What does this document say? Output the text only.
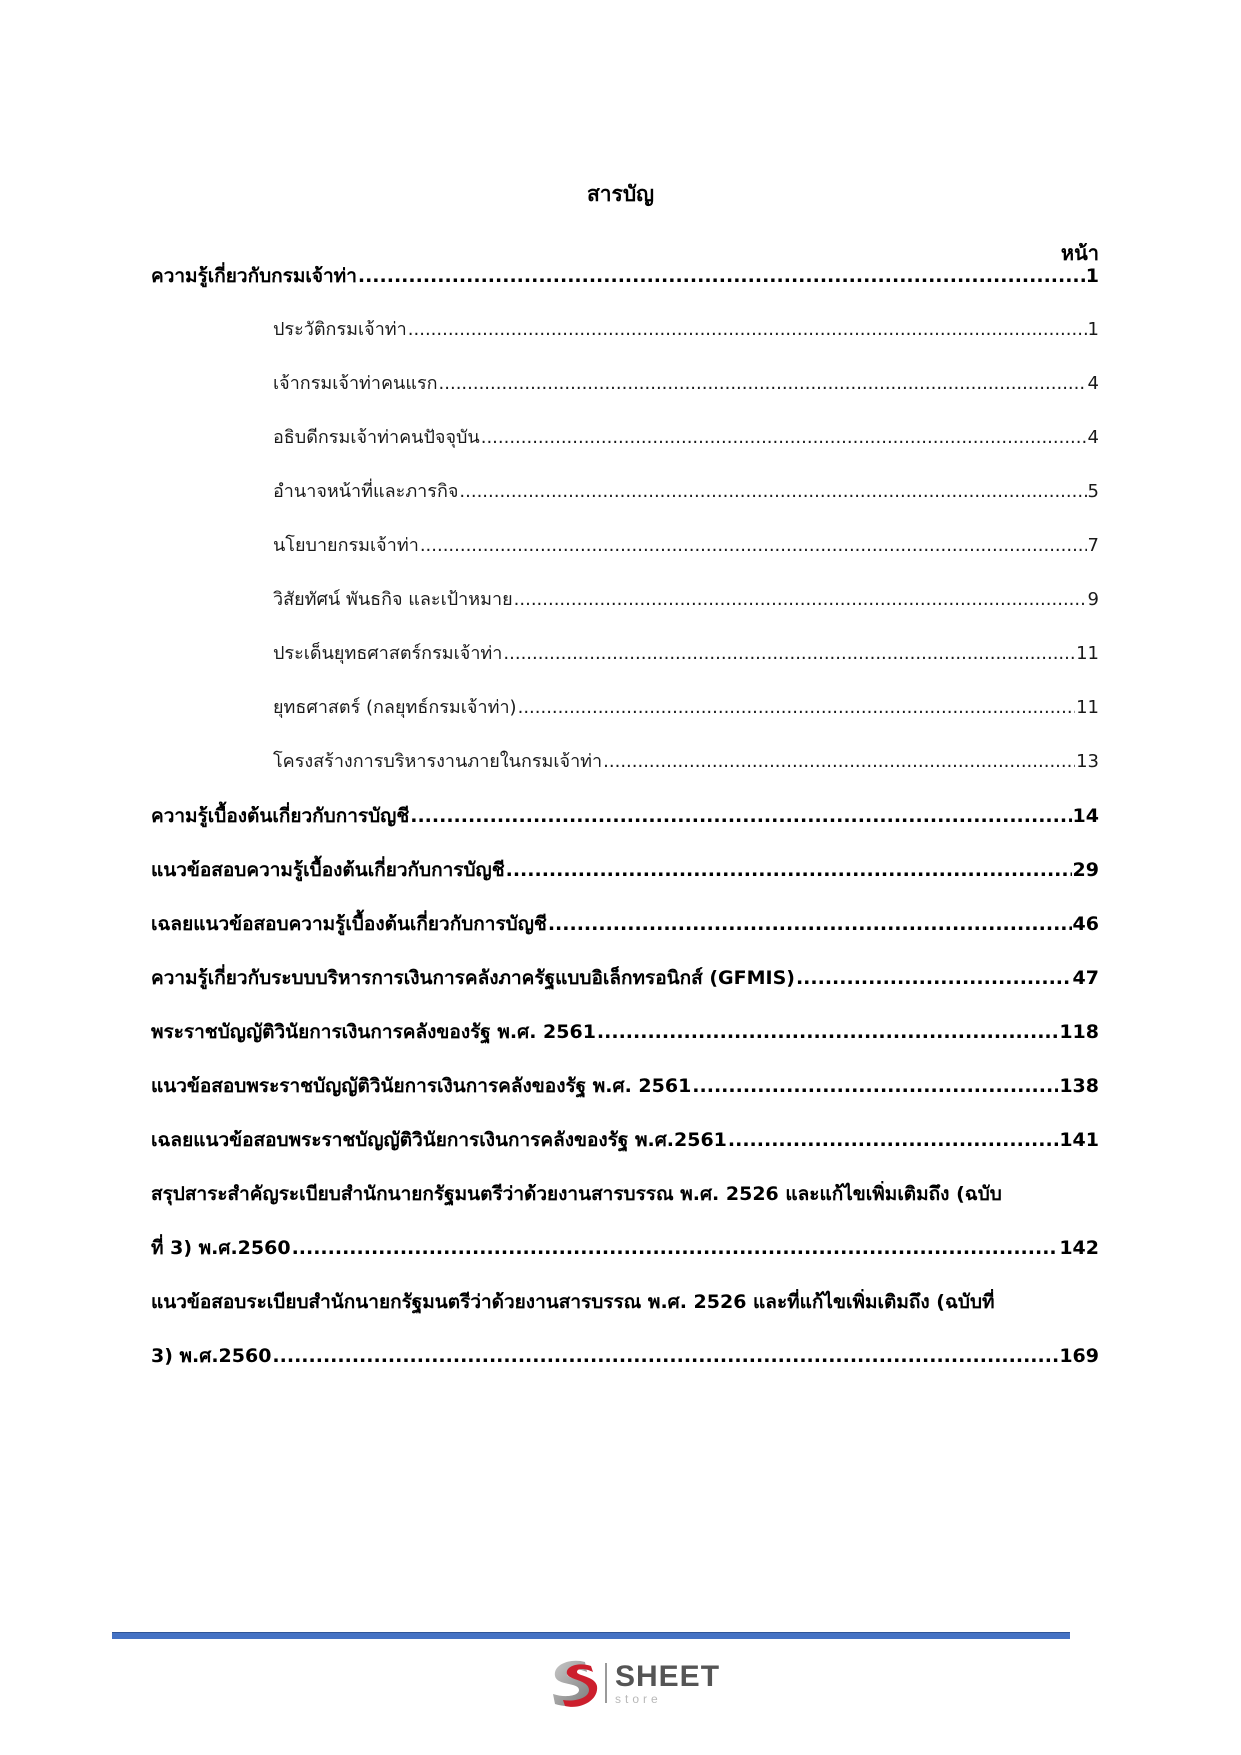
สารบัญ
หน้า
ความรู้เกี่ยวกับกรมเจ้าท่า .....	1
ประวัติกรมเจ้าท่า .....	1
เจ้ากรมเจ้าท่าคนแรก .....	4
อธิบดีกรมเจ้าท่าคนปัจจุบัน .....	4
อำนาจหน้าที่และภารกิจ .....	5
นโยบายกรมเจ้าท่า .....	7
วิสัยทัศน์ พันธกิจ และเป้าหมาย .....	9
ประเด็นยุทธศาสตร์กรมเจ้าท่า .....	11
ยุทธศาสตร์ (กลยุทธ์กรมเจ้าท่า) .....	11
โครงสร้างการบริหารงานภายในกรมเจ้าท่า .....	13
ความรู้เบื้องต้นเกี่ยวกับการบัญชี .....	14
แนวข้อสอบความรู้เบื้องต้นเกี่ยวกับการบัญชี .....	29
เฉลยแนวข้อสอบความรู้เบื้องต้นเกี่ยวกับการบัญชี .....	46
ความรู้เกี่ยวกับระบบบริหารการเงินการคลังภาครัฐแบบอิเล็กทรอนิกส์ (GFMIS) .....	47
พระราชบัญญัติวินัยการเงินการคลังของรัฐ พ.ศ. 2561 .....	118
แนวข้อสอบพระราชบัญญัติวินัยการเงินการคลังของรัฐ พ.ศ. 2561 .....	138
เฉลยแนวข้อสอบพระราชบัญญัติวินัยการเงินการคลังของรัฐ พ.ศ.2561 .....	141
สรุปสาระสำคัญระเบียบสำนักนายกรัฐมนตรีว่าด้วยงานสารบรรณ พ.ศ. 2526 และแก้ไขเพิ่มเติมถึง (ฉบับ
ที่ 3) พ.ศ.2560 .....	142
แนวข้อสอบระเบียบสำนักนายกรัฐมนตรีว่าด้วยงานสารบรรณ พ.ศ. 2526 และที่แก้ไขเพิ่มเติมถึง (ฉบับที่
3) พ.ศ.2560 .....	169
SHEET
store
